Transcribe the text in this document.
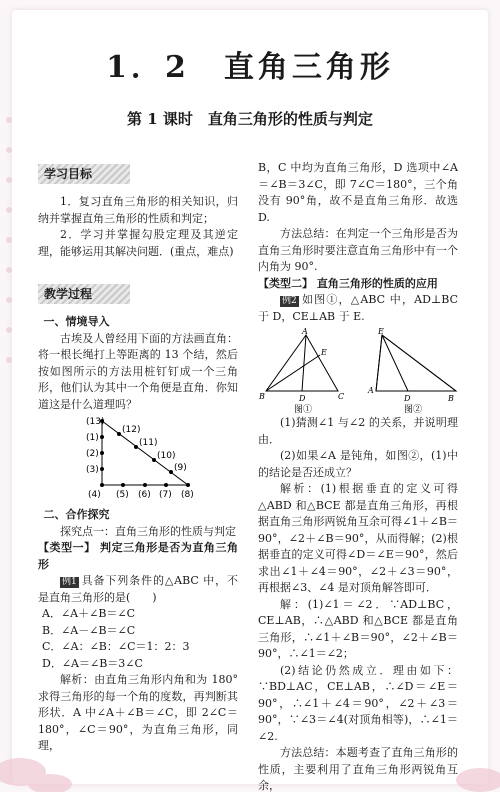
1．2　直角三角形
第 1 课时　直角三角形的性质与判定
学习目标

1．复习直角三角形的相关知识，归纳并掌握直角三角形的性质和判定；

2．学习并掌握勾股定理及其逆定理，能够运用其解决问题．(重点，难点)

教学过程

一、情境导入

古埃及人曾经用下面的方法画直角：将一根长绳打上等距离的 13 个结，然后按如图所示的方法用桩钉钉成一个三角形，他们认为其中一个角便是直角．你知道这是什么道理吗？

(13)
(1)
(2)
(3)
(4) (5) (6) (7) (8)
(12)
(11)
(10)
(9)

二、合作探究

探究点一：直角三角形的性质与判定

【类型一】 判定三角形是否为直角三角形

例1 具备下列条件的△ABC 中，不是直角三角形的是(　　)

A．∠A＋∠B＝∠C

B．∠A－∠B＝∠C

C．∠A：∠B：∠C＝1：2：3

D．∠A＝∠B＝3∠C

解析：由直角三角形内角和为 180°求得三角形的每一个角的度数，再判断其形状．A 中∠A＋∠B＝∠C，即 2∠C＝180°，∠C＝90°，为直角三角形，同理，

B，C 中均为直角三角形，D 选项中∠A＝∠B＝3∠C，即 7∠C＝180°，三个角没有 90°角，故不是直角三角形．故选 D.

方法总结：在判定一个三角形是否为直角三角形时要注意直角三角形中有一个内角为 90°.

【类型二】 直角三角形的性质的应用

例2 如图①，△ABC 中，AD⊥BC 于 D，CE⊥AB 于 E.

A
B	C
D
E
E
A
D	B
图①	图②

(1)猜测∠1 与∠2 的关系，并说明理由．

(2)如果∠A 是钝角，如图②，(1)中的结论是否还成立？

解析：(1)根据垂直的定义可得△ABD 和△BCE 都是直角三角形，再根据直角三角形两锐角互余可得∠1＋∠B＝90°，∠2＋∠B＝90°，从而得解；(2)根据垂直的定义可得∠D＝∠E＝90°，然后求出∠1＋∠4＝90°，∠2＋∠3＝90°，再根据∠3、∠4 是对顶角解答即可．

解：(1)∠1＝∠2．∵AD⊥BC，CE⊥AB，∴△ABD 和△BCE 都是直角三角形，∴∠1＋∠B＝90°，∠2＋∠B＝90°，∴∠1＝∠2；

(2)结论仍然成立．理由如下：∵BD⊥AC，CE⊥AB，∴∠D＝∠E＝90°，∴∠1＋∠4＝90°，∠2＋∠3＝90°，∵∠3＝∠4(对顶角相等)，∴∠1＝∠2.

方法总结：本题考查了直角三角形的性质，主要利用了直角三角形两锐角互余，
